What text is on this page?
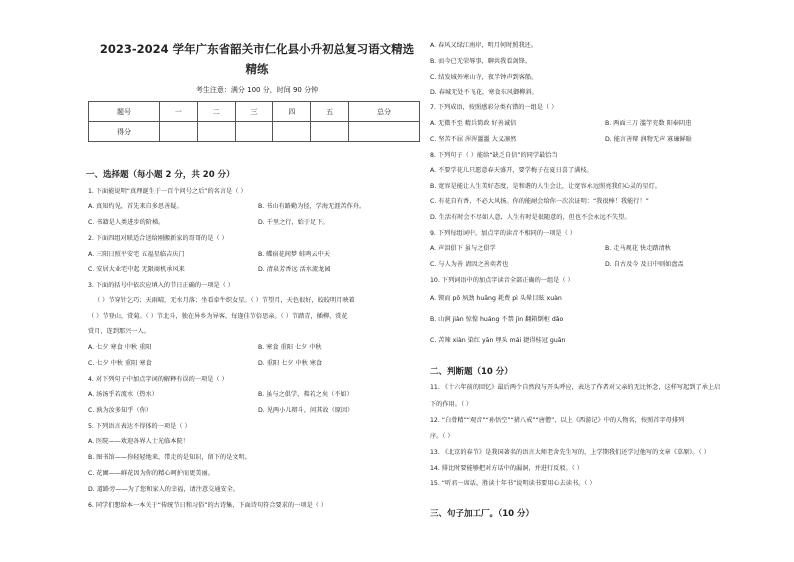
2023-2024 学年广东省韶关市仁化县小升初总复习语文精选
精练
考生注意：满分 100 分，时间 90 分钟
题号	一	二	三	四	五	总分
得分						
一、选择题（每小题 2 分，共 20 分）
1. 下面能说明“真理诞生于一百个问号之后”的名言是（ ）
A. 真知灼见，首先来自多思善疑。	B. 书山有路勤为径，学海无涯苦作舟。
C. 书籍是人类进步的阶梯。	D. 千里之行，始于足下。
2. 下面四组对联适合送给刚搬新家的哥哥的是（ ）
A. 三阳日照平安宅 五福星临吉庆门	B. 蝶宿花间梦 蛙鸣云中天
C. 安居大业宅中起 无限商机承风来	D. 清泉芳香远 活水流龙园
3. 下面的括号中依次应填入的节日正确的一项是（ ）
（ ）节穿针乞巧；天雨晴，无水月落；坐看牵牛织女星。（ ）节望月，天色很好，皎皎明月映着
（ ）节登山，赏菊。（ ）节北斗，独在异乡为异客，每逢佳节倍思亲。（ ）节踏青，插柳、赏花
赏月，连到那兴一人。
A. 七夕 寒食 中秋 重阳	B. 寒食 重阳 七夕 中秋
C. 七夕 中秋 重阳 寒食	D. 重阳 七夕 中秋 寒食
4. 对下列句子中加点字词的解释有误的一项是（ ）
A. 汤汤乎若流水（热水）	B. 虽与之俱学，弗若之矣（不如）
C. 孰为汝多知乎（你）	D. 见两小儿辩斗，问其故（原因）
5. 下列语言表达不得体的一项是（ ）
A. 医院——欢迎各界人士光临本院！
B. 图书馆——你轻轻地来，带走的是知识，留下的是文明。
C. 花圃——鲜花因为你的精心呵护而更美丽。
D. 道路旁——为了您和家人的幸福，请注意交通安全。
6. 同学们想给本一本关于“传统节日和习俗”的古诗集，下面诗句符合要求的一项是（ ）
A. 春风又绿江南岸，明月何时照我还。
B. 而今已无荣辱事，聊共我看剑锋。
C. 结发城外寒山寺，夜半钟声到客船。
D. 春城无处不飞花，寒食东风御柳斜。
7. 下列成语，按照感彩分类有错的一组是（ ）
A. 无微不至 精兵简政 好善诚信	B. 两面三刀 滥竽充数 阳奉阴违
C. 坚苦不屈 浑浑噩噩 大义凛然	D. 能言善辩 润物无声 寡廉鲜耻
8. 下列句子（ ）能给“缺乏自信”的同学最恰当
A. 不要学花儿只愿意春天盛开，要学梅子在夏日喜了满枝。
B. 宽容是能让人生美好态度，是和谐的人生会让，让宽容永远照亮我们心灵的星灯。
C. 有花自有香，不必大风扬。你的能耐会给你一次次证明：“我很棒！我能行！”
D. 生活有时会不尽如人意，人生有时是很随意的，但也不会永远不失望。
9. 下列每组词中，加点字的读音不相同的一项是（ ）
A. 声泪俱下 虽与之俱学	B. 走马观花 快走踏清秋
C. 与人为善 请因之善奕者也	D. 自古及今 及日中则如盘盂
10. 下列词语中的加点字读音全部正确的一组是（ ）
A. 锲而 pō 夙劲 huāng 耗费 pì 头晕目眩 xuàn
B. 山涧 jiàn 惊惶 huáng 不禁 jìn 翻箱倒柜 dǎo
C. 苦辣 xiàn 染红 yān 埋头 mái 捷得桂冠 guān
二、判断题（10 分）
11. 《十六年前的回忆》最后两个自然段与开头呼应，表达了作者对父亲的无比怀念，这样写起到了承上启
下的作用。（ ）
12. “白骨精”“观音”“孙悟空”“猪八戒”“唐僧”，以上《西游记》中的人物名，按照首字母排列
序。（ ）
13. 《北京的春节》是我国著名的语言大师老舍先生写的，上学期我们还学过他写的文章《草原》。（ ）
14. 排比时要能够把对方话中的漏洞，并进行反驳。（ ）
15. “听君一席话，胜读十年书”说明读书要用心去读书。（ ）
三、句子加工厂。（10 分）
